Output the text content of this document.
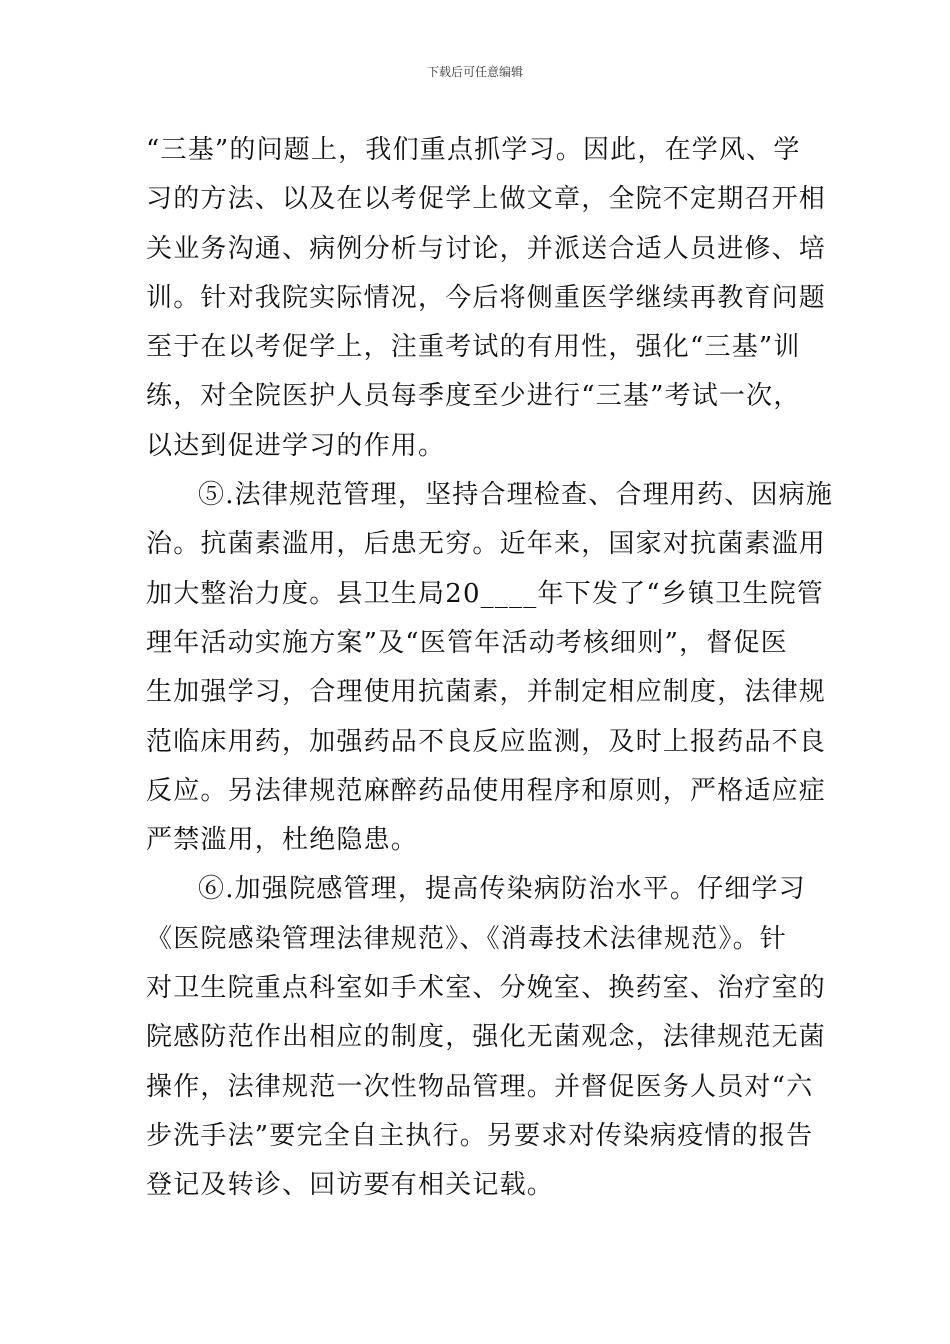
下载后可任意编辑

“三基”的问题上，我们重点抓学习。因此，在学风、学
习的方法、以及在以考促学上做文章，全院不定期召开相
关业务沟通、病例分析与讨论，并派送合适人员进修、培
训。针对我院实际情况，今后将侧重医学继续再教育问题
至于在以考促学上，注重考试的有用性，强化“三基”训
练，对全院医护人员每季度至少进行“三基”考试一次，
以达到促进学习的作用。

⑤.法律规范管理，坚持合理检查、合理用药、因病施
治。抗菌素滥用，后患无穷。近年来，国家对抗菌素滥用
加大整治力度。县卫生局20____年下发了“乡镇卫生院管
理年活动实施方案”及“医管年活动考核细则”，督促医
生加强学习，合理使用抗菌素，并制定相应制度，法律规
范临床用药，加强药品不良反应监测，及时上报药品不良
反应。另法律规范麻醉药品使用程序和原则，严格适应症
严禁滥用，杜绝隐患。

⑥.加强院感管理，提高传染病防治水平。仔细学习
《医院感染管理法律规范》、《消毒技术法律规范》。针
对卫生院重点科室如手术室、分娩室、换药室、治疗室的
院感防范作出相应的制度，强化无菌观念，法律规范无菌
操作，法律规范一次性物品管理。并督促医务人员对“六
步洗手法”要完全自主执行。另要求对传染病疫情的报告
登记及转诊、回访要有相关记载。
